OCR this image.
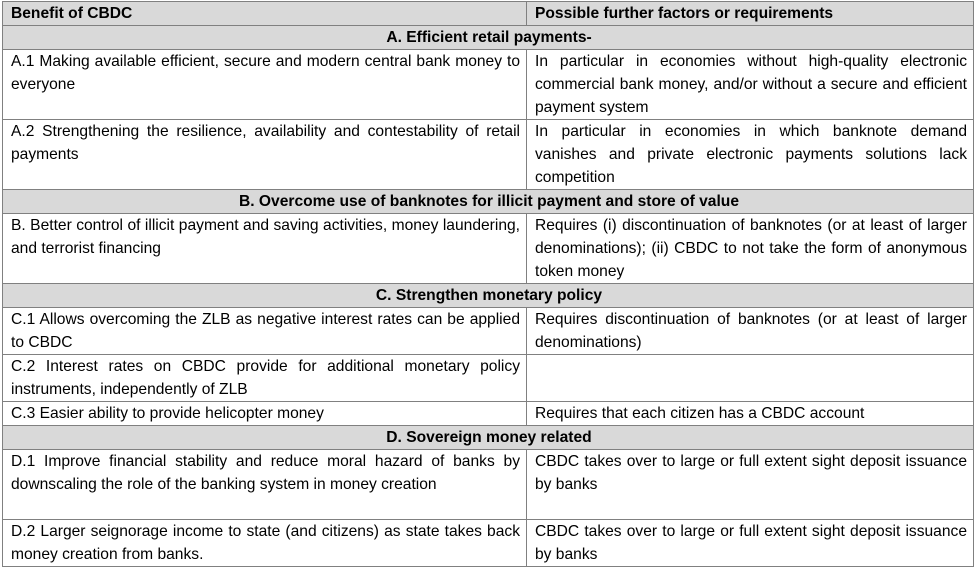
Benefit of CBDC	Possible further factors or requirements
A. Efficient retail payments-	
A.1 Making available efficient, secure and modern central bank money to everyone	In particular in economies without high-quality electronic commercial bank money, and/or without a secure and efficient payment system
A.2 Strengthening the resilience, availability and contestability of retail payments	In particular in economies in which banknote demand vanishes and private electronic payments solutions lack competition
B. Overcome use of banknotes for illicit payment and store of value	
B. Better control of illicit payment and saving activities, money laundering, and terrorist financing	Requires (i) discontinuation of banknotes (or at least of larger denominations); (ii) CBDC to not take the form of anonymous token money
C. Strengthen monetary policy	
C.1 Allows overcoming the ZLB as negative interest rates can be applied to CBDC	Requires discontinuation of banknotes (or at least of larger denominations)
C.2 Interest rates on CBDC provide for additional monetary policy instruments, independently of ZLB	
C.3 Easier ability to provide helicopter money	Requires that each citizen has a CBDC account
D. Sovereign money related	
D.1 Improve financial stability and reduce moral hazard of banks by downscaling the role of the banking system in money creation	CBDC takes over to large or full extent sight deposit issuance by banks
D.2 Larger seignorage income to state (and citizens) as state takes back money creation from banks.	CBDC takes over to large or full extent sight deposit issuance by banks
